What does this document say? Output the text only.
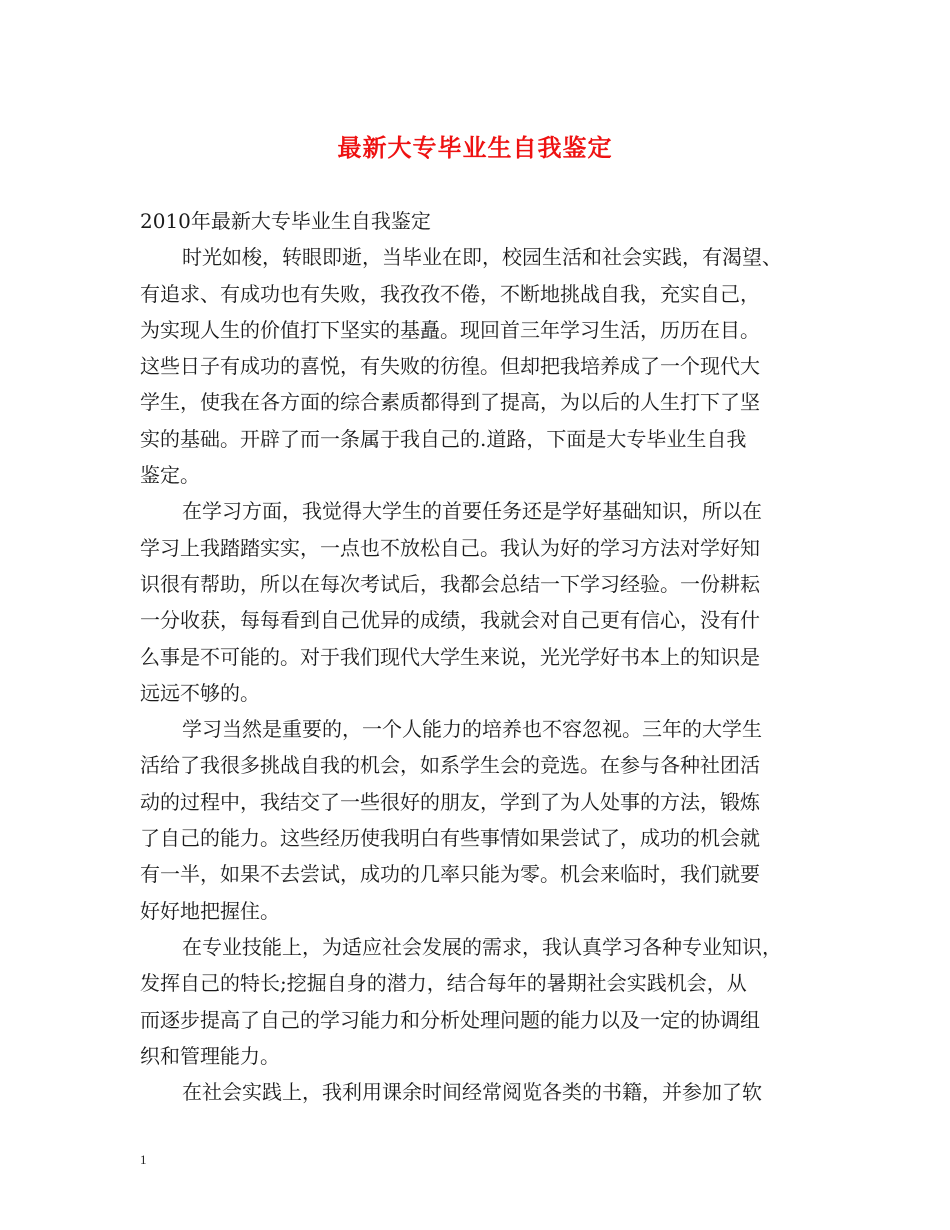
最新大专毕业生自我鉴定
2010年最新大专毕业生自我鉴定
时光如梭，转眼即逝，当毕业在即，校园生活和社会实践，有渴望、
有追求、有成功也有失败，我孜孜不倦，不断地挑战自我，充实自己，
为实现人生的价值打下坚实的基矗。现回首三年学习生活，历历在目。
这些日子有成功的喜悦，有失败的彷徨。但却把我培养成了一个现代大
学生，使我在各方面的综合素质都得到了提高，为以后的人生打下了坚
实的基础。开辟了而一条属于我自己的.道路，下面是大专毕业生自我
鉴定。
在学习方面，我觉得大学生的首要任务还是学好基础知识，所以在
学习上我踏踏实实，一点也不放松自己。我认为好的学习方法对学好知
识很有帮助，所以在每次考试后，我都会总结一下学习经验。一份耕耘
一分收获，每每看到自己优异的成绩，我就会对自己更有信心，没有什
么事是不可能的。对于我们现代大学生来说，光光学好书本上的知识是
远远不够的。
学习当然是重要的，一个人能力的培养也不容忽视。三年的大学生
活给了我很多挑战自我的机会，如系学生会的竞选。在参与各种社团活
动的过程中，我结交了一些很好的朋友，学到了为人处事的方法，锻炼
了自己的能力。这些经历使我明白有些事情如果尝试了，成功的机会就
有一半，如果不去尝试，成功的几率只能为零。机会来临时，我们就要
好好地把握住。
在专业技能上，为适应社会发展的需求，我认真学习各种专业知识，
发挥自己的特长;挖掘自身的潜力，结合每年的暑期社会实践机会，从
而逐步提高了自己的学习能力和分析处理问题的能力以及一定的协调组
织和管理能力。
在社会实践上，我利用课余时间经常阅览各类的书籍，并参加了软
1
